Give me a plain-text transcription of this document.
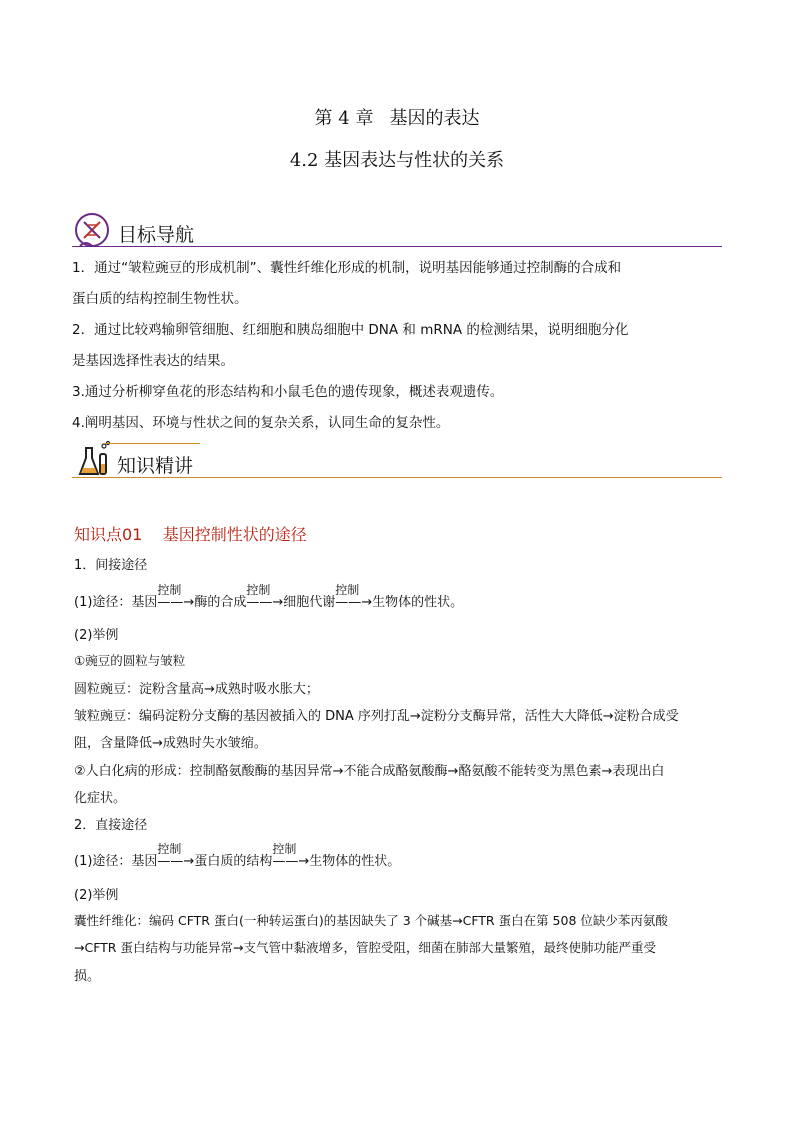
第 4 章 基因的表达
4.2 基因表达与性状的关系
目标导航
1．通过“皱粒豌豆的形成机制”、囊性纤维化形成的机制，说明基因能够通过控制酶的合成和
蛋白质的结构控制生物性状。
2．通过比较鸡输卵管细胞、红细胞和胰岛细胞中 DNA 和 mRNA 的检测结果，说明细胞分化
是基因选择性表达的结果。
3.通过分析柳穿鱼花的形态结构和小鼠毛色的遗传现象，概述表观遗传。
4.阐明基因、环境与性状之间的复杂关系，认同生命的复杂性。
知识精讲
知识点01    基因控制性状的途径
1．间接途径
(1)途径：基因
控制
——→酶的合成
控制
——→细胞代谢
控制
——→生物体的性状。
(2)举例
①豌豆的圆粒与皱粒
圆粒豌豆：淀粉含量高→成熟时吸水胀大；
皱粒豌豆：编码淀粉分支酶的基因被插入的 DNA 序列打乱→淀粉分支酶异常，活性大大降低→淀粉合成受
阻，含量降低→成熟时失水皱缩。
②人白化病的形成：控制酪氨酸酶的基因异常→不能合成酪氨酸酶→酪氨酸不能转变为黑色素→表现出白
化症状。
2．直接途径
(1)途径：基因
控制
——→蛋白质的结构
控制
——→生物体的性状。
(2)举例
囊性纤维化：编码 CFTR 蛋白(一种转运蛋白)的基因缺失了 3 个碱基→CFTR 蛋白在第 508 位缺少苯丙氨酸
→CFTR 蛋白结构与功能异常→支气管中黏液增多，管腔受阻，细菌在肺部大量繁殖，最终使肺功能严重受
损。
